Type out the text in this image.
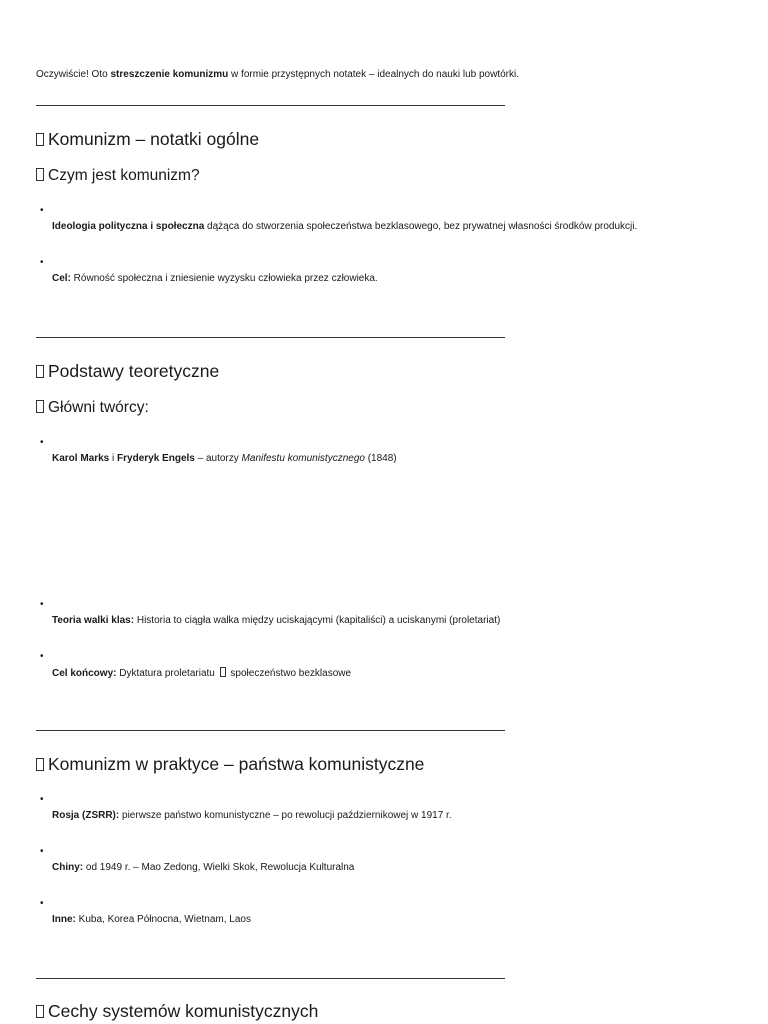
Oczywiście! Oto streszczenie komunizmu w formie przystępnych notatek – idealnych do nauki lub powtórki.

Komunizm – notatki ogólne
Czym jest komunizm?
•
Ideologia polityczna i społeczna dążąca do stworzenia społeczeństwa bezklasowego, bez prywatnej własności środków produkcji.
•
Cel: Równość społeczna i zniesienie wyzysku człowieka przez człowieka.
Podstawy teoretyczne
Główni twórcy:
•
Karol Marks i Fryderyk Engels – autorzy Manifestu komunistycznego (1848)
•
Teoria walki klas: Historia to ciągła walka między uciskającymi (kapitaliści) a uciskanymi (proletariat)
•
Cel końcowy: Dyktatura proletariatu  społeczeństwo bezklasowe
Komunizm w praktyce – państwa komunistyczne
•
Rosja (ZSRR): pierwsze państwo komunistyczne – po rewolucji październikowej w 1917 r.
•
Chiny: od 1949 r. – Mao Zedong, Wielki Skok, Rewolucja Kulturalna
•
Inne: Kuba, Korea Północna, Wietnam, Laos
Cechy systemów komunistycznych
